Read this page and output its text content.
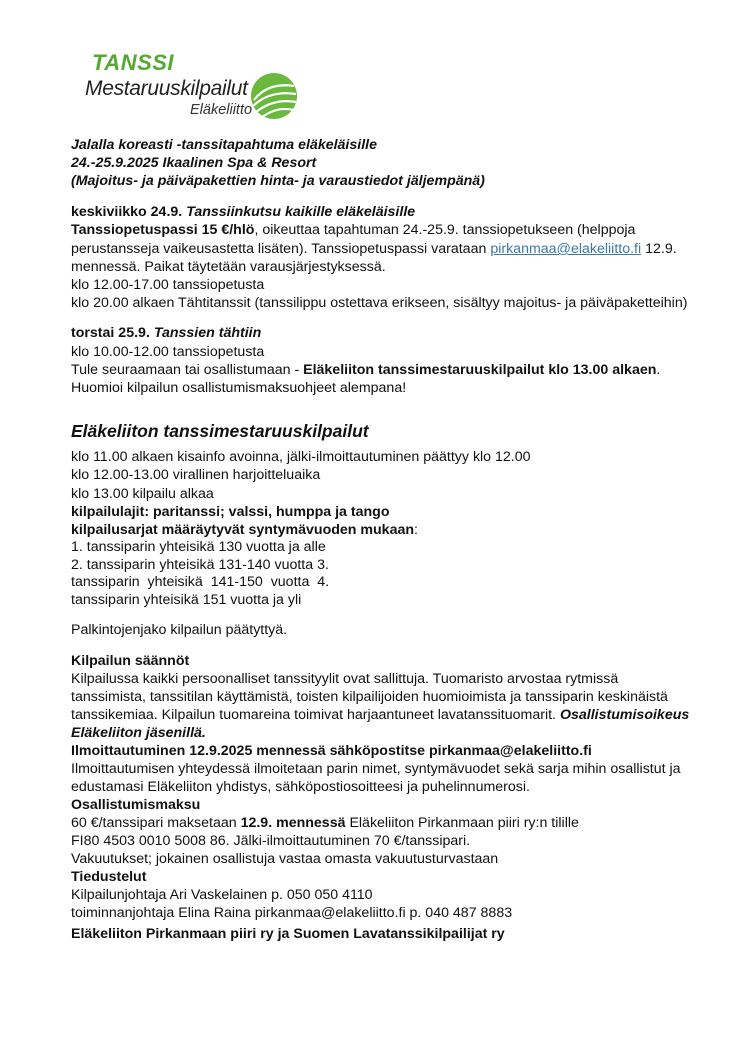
TANSSI
Mestaruuskilpailut
Eläkeliitto
Jalalla koreasti -tanssitapahtuma eläkeläisille
24.-25.9.2025 Ikaalinen Spa & Resort
(Majoitus- ja päiväpakettien hinta- ja varaustiedot jäljempänä)
keskiviikko 24.9. Tanssiinkutsu kaikille eläkeläisille
Tanssiopetuspassi 15 €/hlö, oikeuttaa tapahtuman 24.-25.9. tanssiopetukseen (helppoja
perustansseja vaikeusastetta lisäten). Tanssiopetuspassi varataan pirkanmaa@elakeliitto.fi 12.9.
mennessä. Paikat täytetään varausjärjestyksessä.
klo 12.00-17.00 tanssiopetusta
klo 20.00 alkaen Tähtitanssit (tanssilippu ostettava erikseen, sisältyy majoitus- ja päiväpaketteihin)
torstai 25.9. Tanssien tähtiin
klo 10.00-12.00 tanssiopetusta
Tule seuraamaan tai osallistumaan - Eläkeliiton tanssimestaruuskilpailut klo 13.00 alkaen.
Huomioi kilpailun osallistumismaksuohjeet alempana!
Eläkeliiton tanssimestaruuskilpailut
klo 11.00 alkaen kisainfo avoinna, jälki-ilmoittautuminen päättyy klo 12.00
klo 12.00-13.00 virallinen harjoitteluaika
klo 13.00 kilpailu alkaa
kilpailulajit: paritanssi; valssi, humppa ja tango
kilpailusarjat määräytyvät syntymävuoden mukaan:
1. tanssiparin yhteisikä 130 vuotta ja alle
2. tanssiparin yhteisikä 131-140 vuotta 3.
tanssiparin yhteisikä 141-150 vuotta 4.
tanssiparin yhteisikä 151 vuotta ja yli
Palkintojenjako kilpailun päätyttyä.
Kilpailun säännöt
Kilpailussa kaikki persoonalliset tanssityylit ovat sallittuja. Tuomaristo arvostaa rytmissä
tanssimista, tanssitilan käyttämistä, toisten kilpailijoiden huomioimista ja tanssiparin keskinäistä
tanssikemiaa. Kilpailun tuomareina toimivat harjaantuneet lavatanssituomarit. Osallistumisoikeus
Eläkeliiton jäsenillä.
Ilmoittautuminen 12.9.2025 mennessä sähköpostitse pirkanmaa@elakeliitto.fi
Ilmoittautumisen yhteydessä ilmoitetaan parin nimet, syntymävuodet sekä sarja mihin osallistut ja
edustamasi Eläkeliiton yhdistys, sähköpostiosoitteesi ja puhelinnumerosi.
Osallistumismaksu
60 €/tanssipari maksetaan 12.9. mennessä Eläkeliiton Pirkanmaan piiri ry:n tilille
FI80 4503 0010 5008 86. Jälki-ilmoittautuminen 70 €/tanssipari.
Vakuutukset; jokainen osallistuja vastaa omasta vakuutusturvastaan
Tiedustelut
Kilpailunjohtaja Ari Vaskelainen p. 050 050 4110
toiminnanjohtaja Elina Raina pirkanmaa@elakeliitto.fi p. 040 487 8883
Eläkeliiton Pirkanmaan piiri ry ja Suomen Lavatanssikilpailijat ry
